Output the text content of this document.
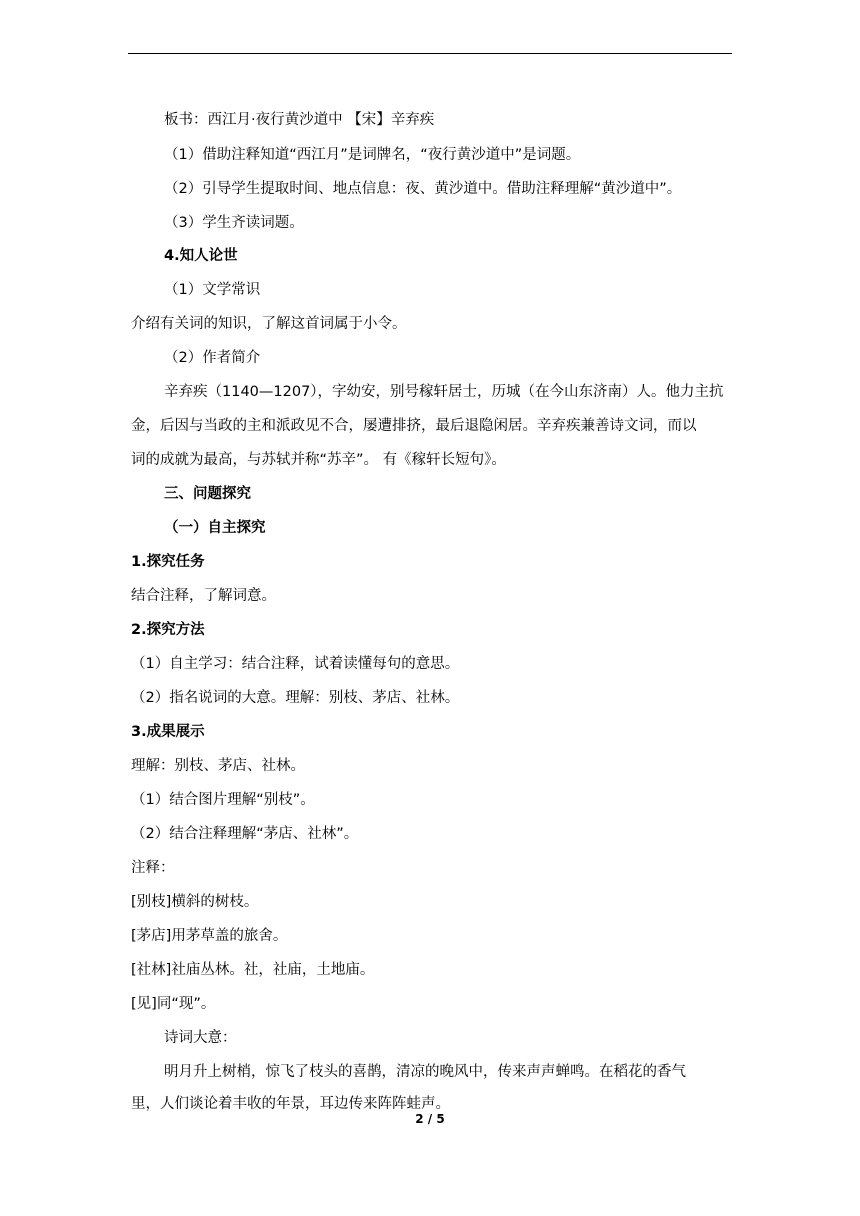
板书：西江月·夜行黄沙道中 【宋】辛弃疾
（1）借助注释知道“西江月”是词牌名，“夜行黄沙道中”是词题。
（2）引导学生提取时间、地点信息：夜、黄沙道中。借助注释理解“黄沙道中”。
（3）学生齐读词题。
4.知人论世
（1）文学常识
介绍有关词的知识，了解这首词属于小令。
（2）作者简介
辛弃疾（1140—1207），字幼安，别号稼轩居士，历城（在今山东济南）人。他力主抗
金，后因与当政的主和派政见不合，屡遭排挤，最后退隐闲居。辛弃疾兼善诗文词，而以
词的成就为最高，与苏轼并称“苏辛”。 有《稼轩长短句》。
三、问题探究
（一）自主探究
1.探究任务
结合注释，了解词意。
2.探究方法
（1）自主学习：结合注释，试着读懂每句的意思。
（2）指名说词的大意。理解：别枝、茅店、社林。
3.成果展示
理解：别枝、茅店、社林。
（1）结合图片理解“别枝”。
（2）结合注释理解“茅店、社林”。
注释：
[别枝]横斜的树枝。
[茅店]用茅草盖的旅舍。
[社林]社庙丛林。社，社庙，土地庙。
[见]同“现”。
诗词大意：
明月升上树梢，惊飞了枝头的喜鹊，清凉的晚风中，传来声声蝉鸣。在稻花的香气
里，人们谈论着丰收的年景，耳边传来阵阵蛙声。
2 / 5
